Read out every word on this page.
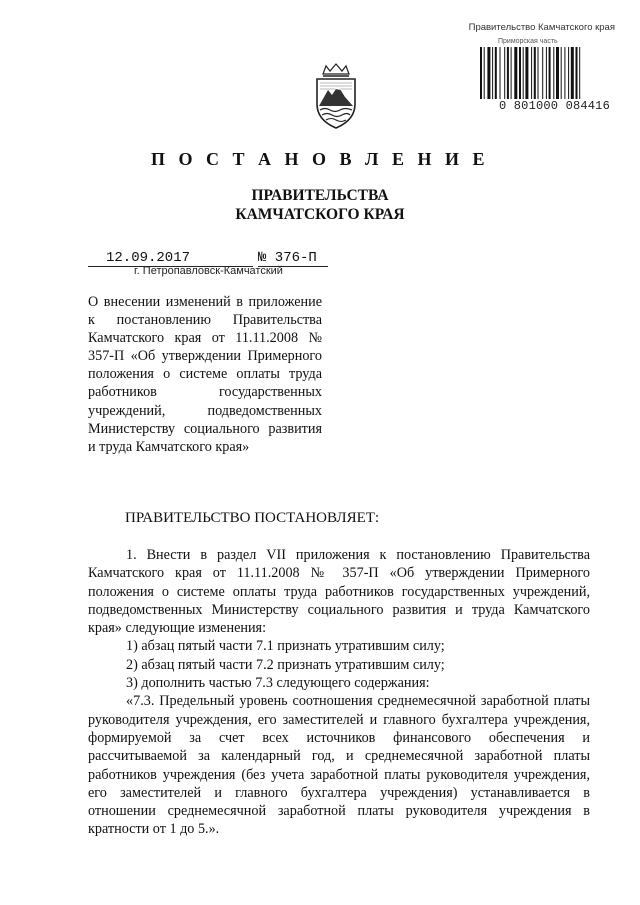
Правительство Камчатского края
Приморская часть
0 801000 084416
П О С Т А Н О В Л Е Н И Е
ПРАВИТЕЛЬСТВА
КАМЧАТСКОГО КРАЯ
12.09.2017	№ 376-П
г. Петропавловск-Камчатский
О внесении изменений в приложение к постановлению Правительства Камчатского края от 11.11.2008 № 357-П «Об утверждении Примерного положения о системе оплаты труда работников государственных учреждений, подведомственных Министерству социального развития и труда Камчатского края»
ПРАВИТЕЛЬСТВО ПОСТАНОВЛЯЕТ:

1. Внести в раздел VII приложения к постановлению Правительства Камчатского края от 11.11.2008 № 357-П «Об утверждении Примерного положения о системе оплаты труда работников государственных учреждений, подведомственных Министерству социального развития и труда Камчатского края» следующие изменения:

1) абзац пятый части 7.1 признать утратившим силу;

2) абзац пятый части 7.2 признать утратившим силу;

3) дополнить частью 7.3 следующего содержания:

«7.3. Предельный уровень соотношения среднемесячной заработной платы руководителя учреждения, его заместителей и главного бухгалтера учреждения, формируемой за счет всех источников финансового обеспечения и рассчитываемой за календарный год, и среднемесячной заработной платы работников учреждения (без учета заработной платы руководителя учреждения, его заместителей и главного бухгалтера учреждения) устанавливается в отношении среднемесячной заработной платы руководителя учреждения в кратности от 1 до 5.».
